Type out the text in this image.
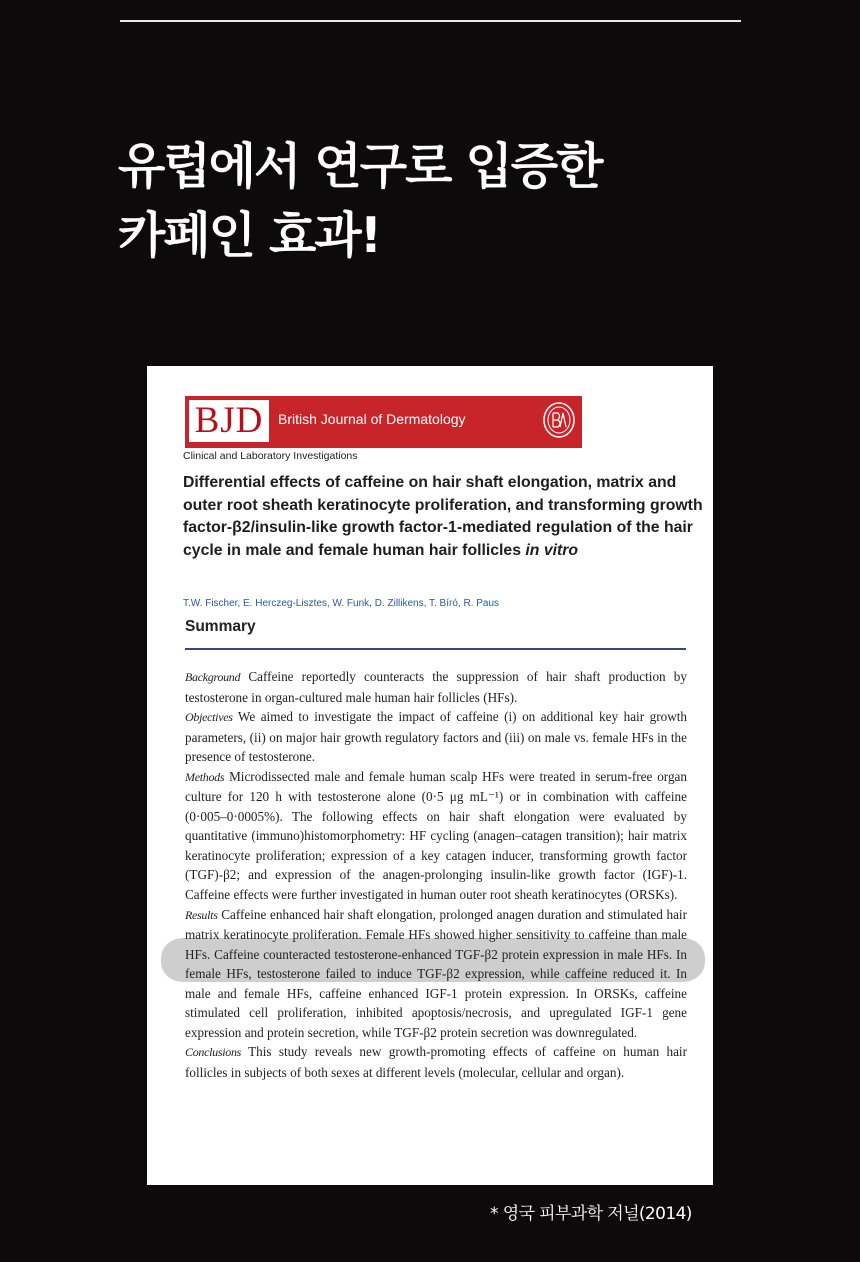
유럽에서 연구로 입증한
카페인 효과!
BJD	British Journal of Dermatology
Clinical and Laboratory Investigations
Differential effects of caffeine on hair shaft elongation, matrix and outer root sheath keratinocyte proliferation, and transforming growth factor-β2/insulin-like growth factor-1-mediated regulation of the hair cycle in male and female human hair follicles in vitro
T.W. Fischer, E. Herczeg-Lisztes, W. Funk, D. Zillikens, T. Bíró, R. Paus
Summary

Background Caffeine reportedly counteracts the suppression of hair shaft production by testosterone in organ-cultured male human hair follicles (HFs).

Objectives We aimed to investigate the impact of caffeine (i) on additional key hair growth parameters, (ii) on major hair growth regulatory factors and (iii) on male vs. female HFs in the presence of testosterone.

Methods Microdissected male and female human scalp HFs were treated in serum-free organ culture for 120 h with testosterone alone (0·5 μg mL⁻¹) or in combination with caffeine (0·005–0·0005%). The following effects on hair shaft elongation were evaluated by quantitative (immuno)histomorphometry: HF cycling (anagen–catagen transition); hair matrix keratinocyte proliferation; expression of a key catagen inducer, transforming growth factor (TGF)-β2; and expression of the anagen-prolonging insulin-like growth factor (IGF)-1. Caffeine effects were further investigated in human outer root sheath keratinocytes (ORSKs).

Results Caffeine enhanced hair shaft elongation, prolonged anagen duration and stimulated hair matrix keratinocyte proliferation. Female HFs showed higher sensitivity to caffeine than male HFs. Caffeine counteracted testosterone-enhanced TGF-β2 protein expression in male HFs. In female HFs, testosterone failed to induce TGF-β2 expression, while caffeine reduced it. In male and female HFs, caffeine enhanced IGF-1 protein expression. In ORSKs, caffeine stimulated cell proliferation, inhibited apoptosis/necrosis, and upregulated IGF-1 gene expression and protein secretion, while TGF-β2 protein secretion was downregulated.

Conclusions This study reveals new growth-promoting effects of caffeine on human hair follicles in subjects of both sexes at different levels (molecular, cellular and organ).

* 영국 피부과학 저널(2014)
